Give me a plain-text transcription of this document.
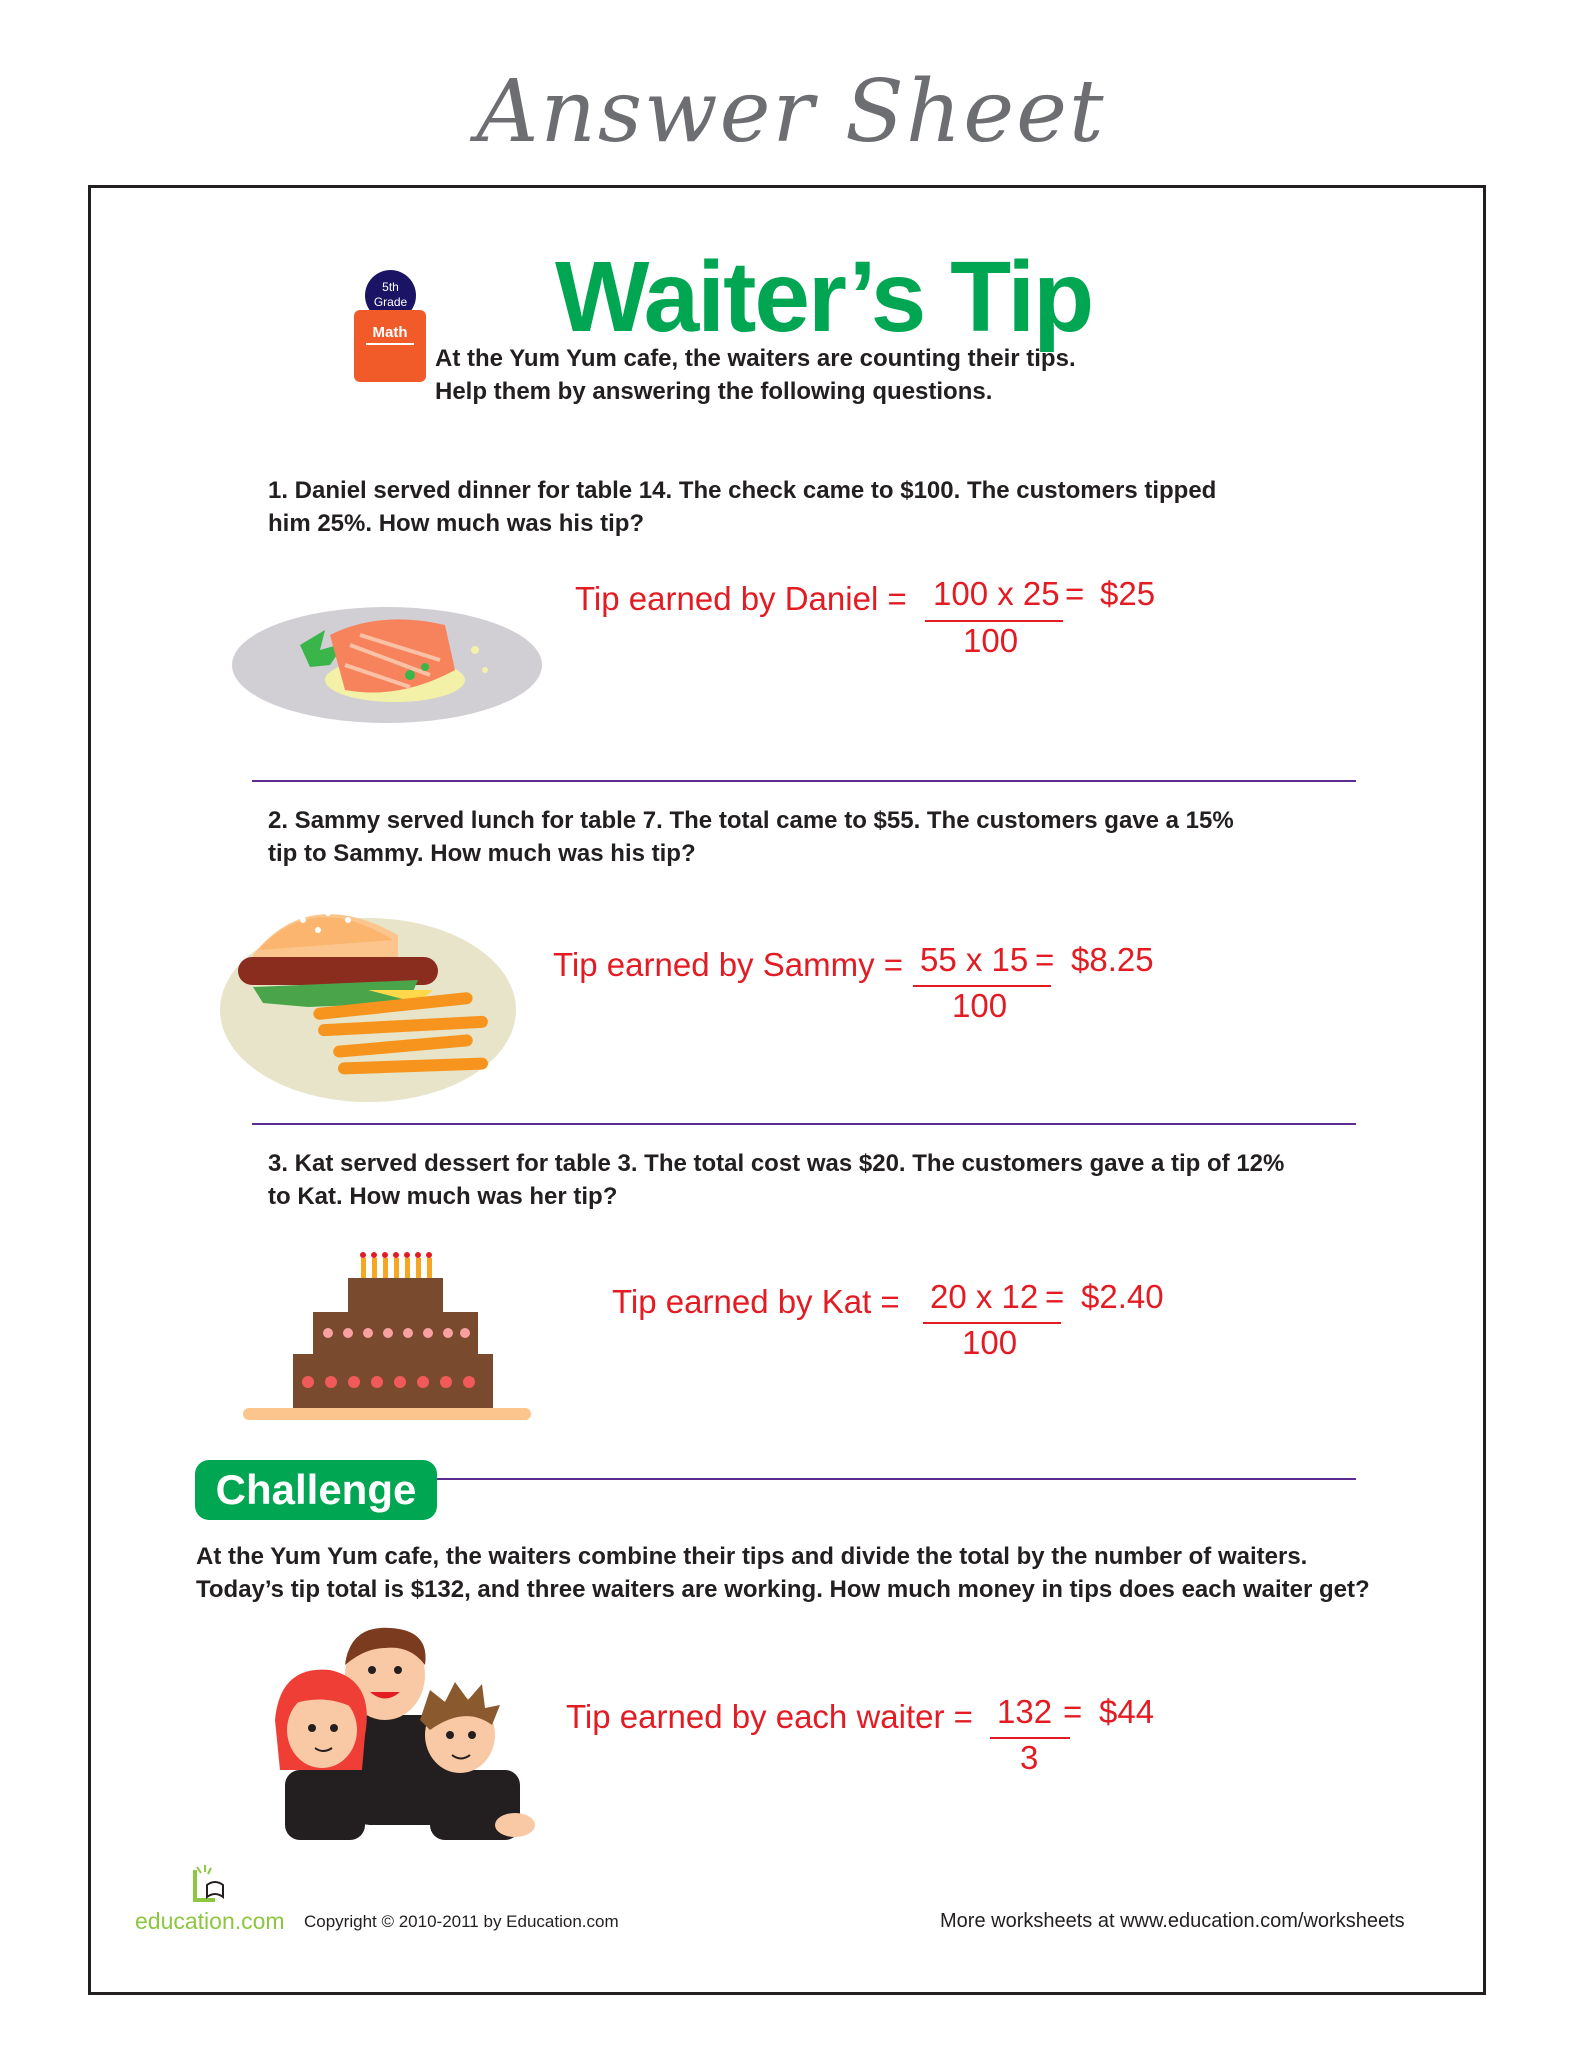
Answer Sheet
5th
Grade
Math Waiter’s Tip
At the Yum Yum cafe, the waiters are counting their tips.
Help them by answering the following questions.
1. Daniel served dinner for table 14. The check came to $100. The customers tipped
him 25%. How much was his tip?
Tip earned by Daniel = 100 x 25 = $25
100
2. Sammy served lunch for table 7. The total came to $55. The customers gave a 15%
tip to Sammy. How much was his tip?
Tip earned by Sammy = 55 x 15 = $8.25
100
3. Kat served dessert for table 3. The total cost was $20. The customers gave a tip of 12%
to Kat. How much was her tip?
Tip earned by Kat = 20 x 12 = $2.40
100
Challenge
At the Yum Yum cafe, the waiters combine their tips and divide the total by the number of waiters.
Today’s tip total is $132, and three waiters are working. How much money in tips does each waiter get?
Tip earned by each waiter = 132 = $44
3
education.com Copyright © 2010-2011 by Education.com	More worksheets at www.education.com/worksheets
